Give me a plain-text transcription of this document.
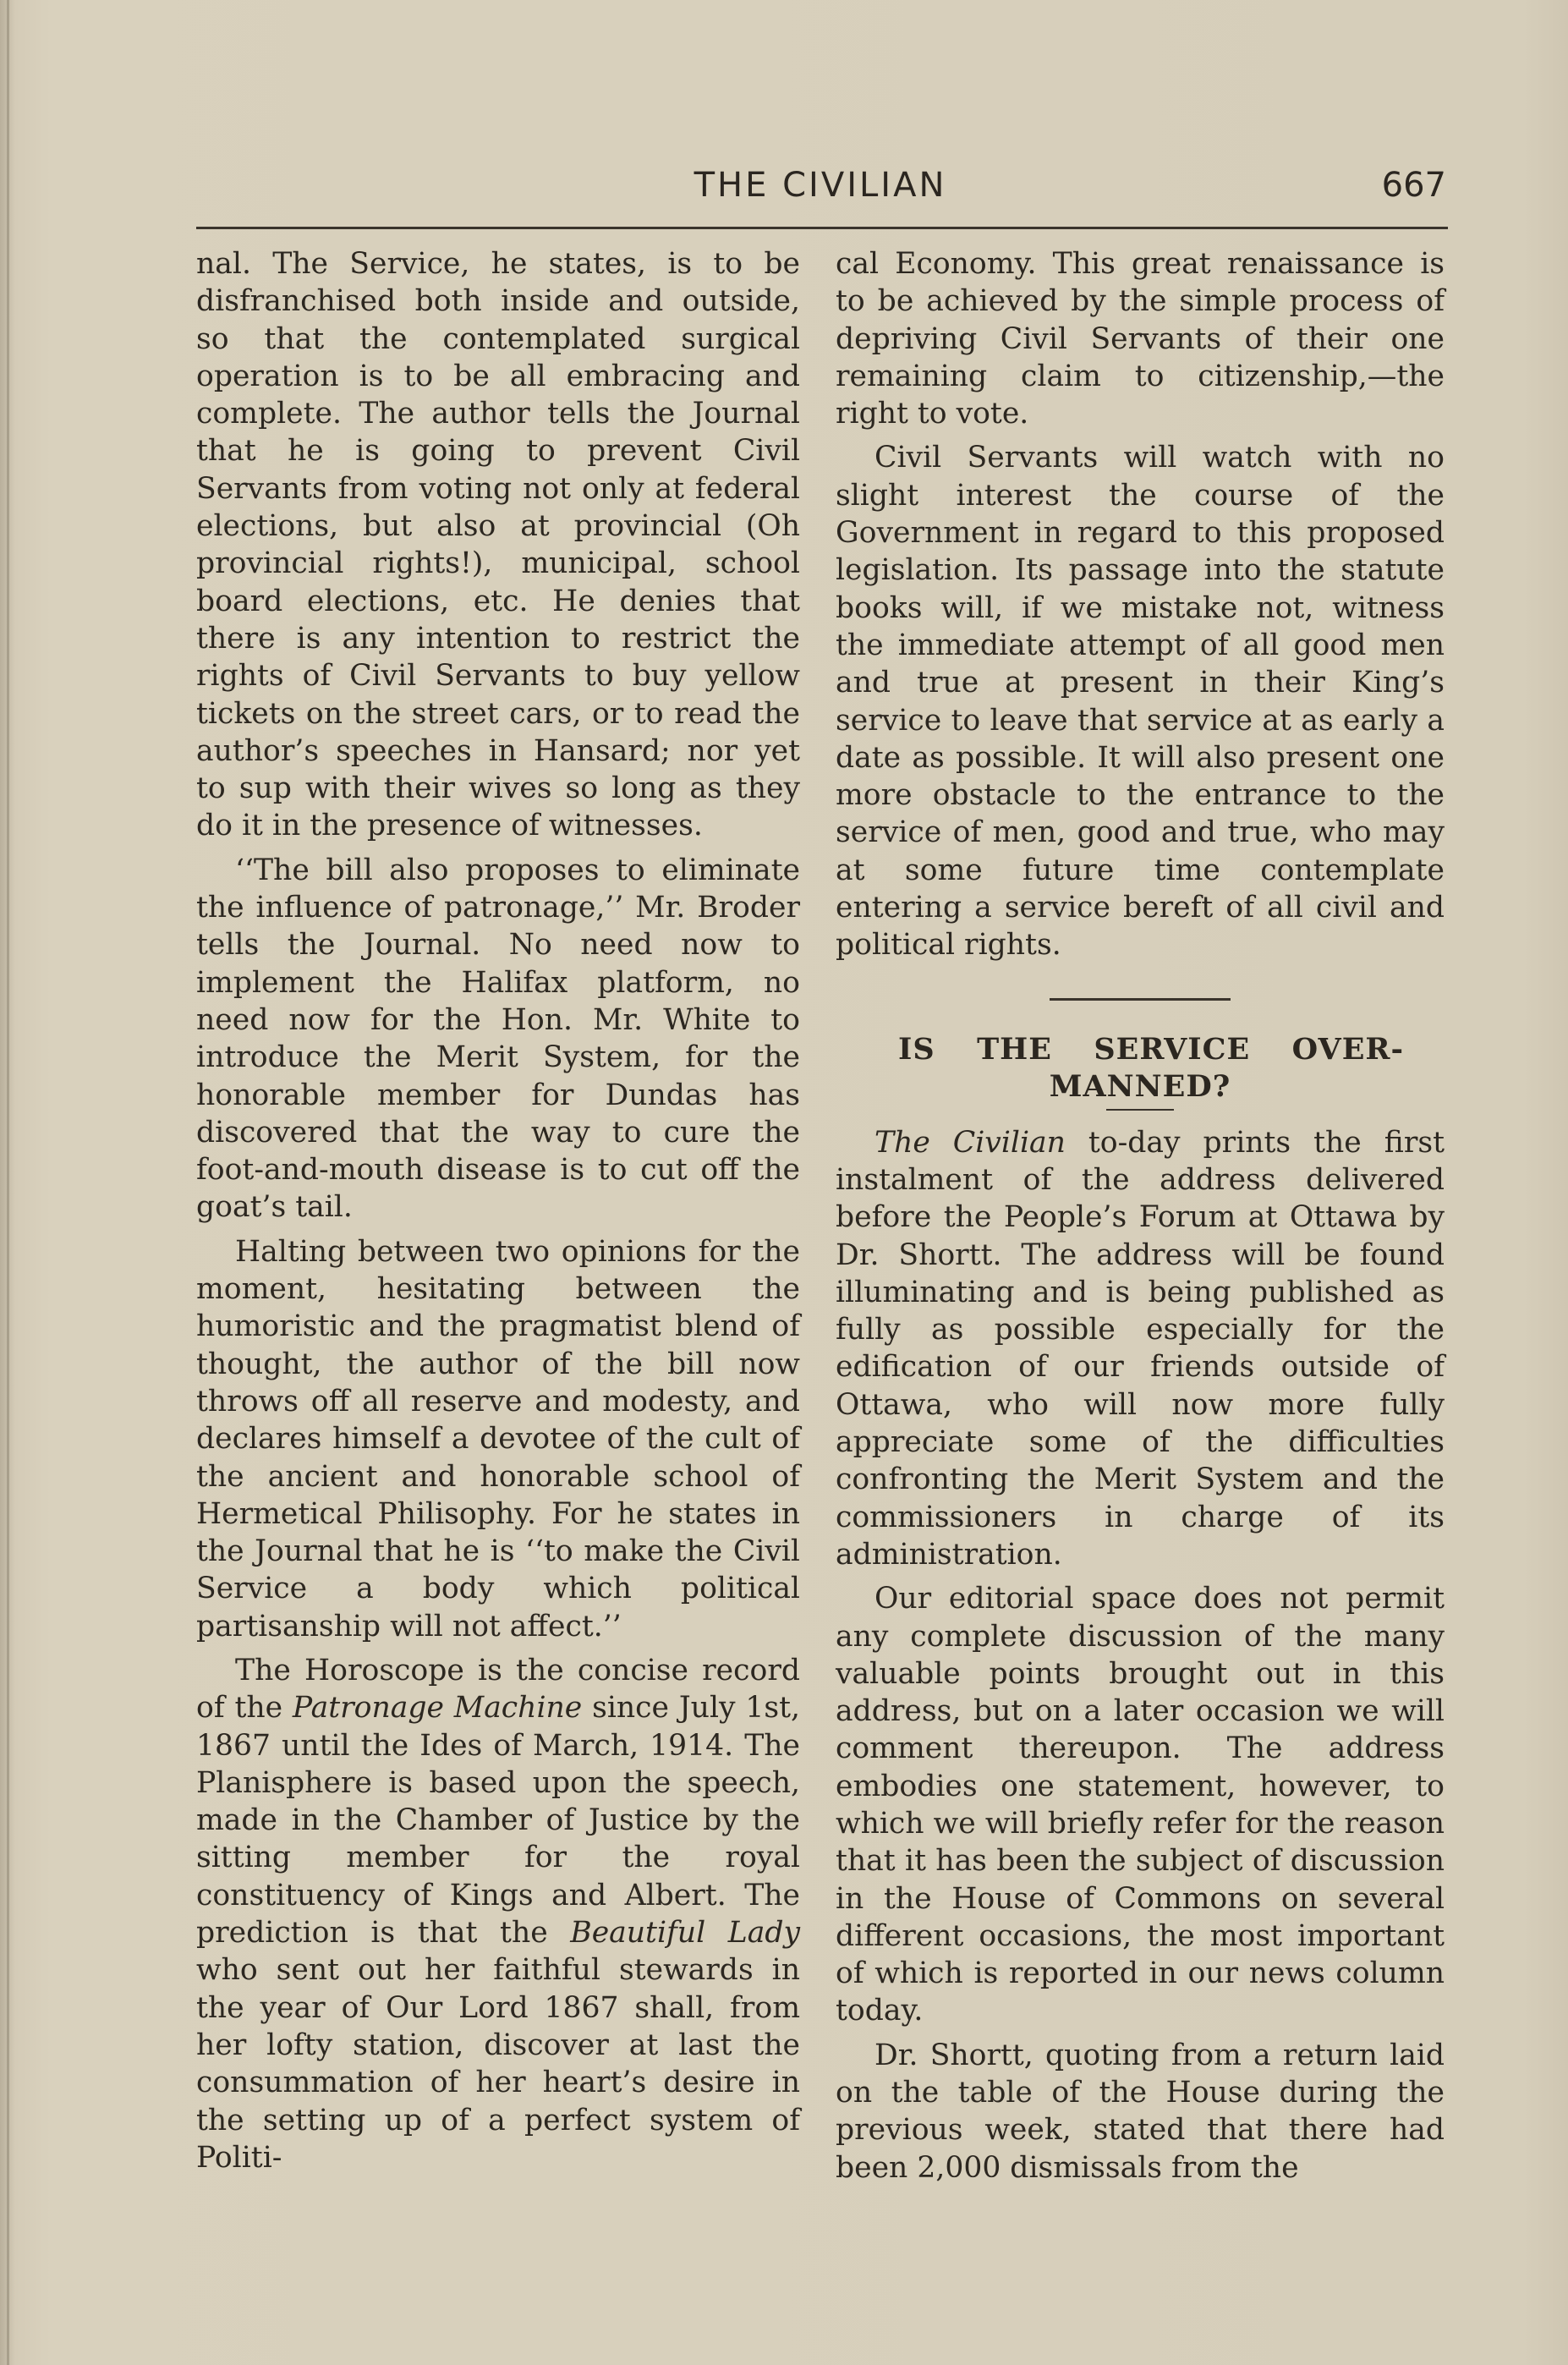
THE CIVILIAN	667

nal. The Service, he states, is to be disfranchised both inside and outside, so that the contemplated surgical operation is to be all embracing and complete. The author tells the Journal that he is going to prevent Civil Servants from voting not only at federal elections, but also at provincial (Oh provincial rights!), municipal, school board elections, etc. He denies that there is any intention to restrict the rights of Civil Servants to buy yellow tickets on the street cars, or to read the author’s speeches in Hansard; nor yet to sup with their wives so long as they do it in the presence of witnesses.

‘‘The bill also proposes to eliminate the influence of patronage,’’ Mr. Broder tells the Journal. No need now to implement the Halifax platform, no need now for the Hon. Mr. White to introduce the Merit System, for the honorable member for Dundas has discovered that the way to cure the foot-and-mouth disease is to cut off the goat’s tail.

Halting between two opinions for the moment, hesitating between the humoristic and the pragmatist blend of thought, the author of the bill now throws off all reserve and modesty, and declares himself a devotee of the cult of the ancient and honorable school of Hermetical Philisophy. For he states in the Journal that he is ‘‘to make the Civil Service a body which political partisanship will not affect.’’

The Horoscope is the concise record of the Patronage Machine since July 1st, 1867 until the Ides of March, 1914. The Planisphere is based upon the speech, made in the Chamber of Justice by the sitting member for the royal constituency of Kings and Albert. The prediction is that the Beautiful Lady who sent out her faithful stewards in the year of Our Lord 1867 shall, from her lofty station, discover at last the consummation of her heart’s desire in the setting up of a perfect system of Politi-

cal Economy. This great renaissance is to be achieved by the simple process of depriving Civil Servants of their one remaining claim to citizenship,—the right to vote.

Civil Servants will watch with no slight interest the course of the Government in regard to this proposed legislation. Its passage into the statute books will, if we mistake not, witness the immediate attempt of all good men and true at present in their King’s service to leave that service at as early a date as possible. It will also present one more obstacle to the entrance to the service of men, good and true, who may at some future time contemplate entering a service bereft of all civil and political rights.

IS THE SERVICE OVER-
MANNED?

The Civilian to-day prints the first instalment of the address delivered before the People’s Forum at Ottawa by Dr. Shortt. The address will be found illuminating and is being published as fully as possible especially for the edification of our friends outside of Ottawa, who will now more fully appreciate some of the difficulties confronting the Merit System and the commissioners in charge of its administration.

Our editorial space does not permit any complete discussion of the many valuable points brought out in this address, but on a later occasion we will comment thereupon. The address embodies one statement, however, to which we will briefly refer for the reason that it has been the subject of discussion in the House of Commons on several different occasions, the most important of which is reported in our news column today.

Dr. Shortt, quoting from a return laid on the table of the House during the previous week, stated that there had been 2,000 dismissals from the
